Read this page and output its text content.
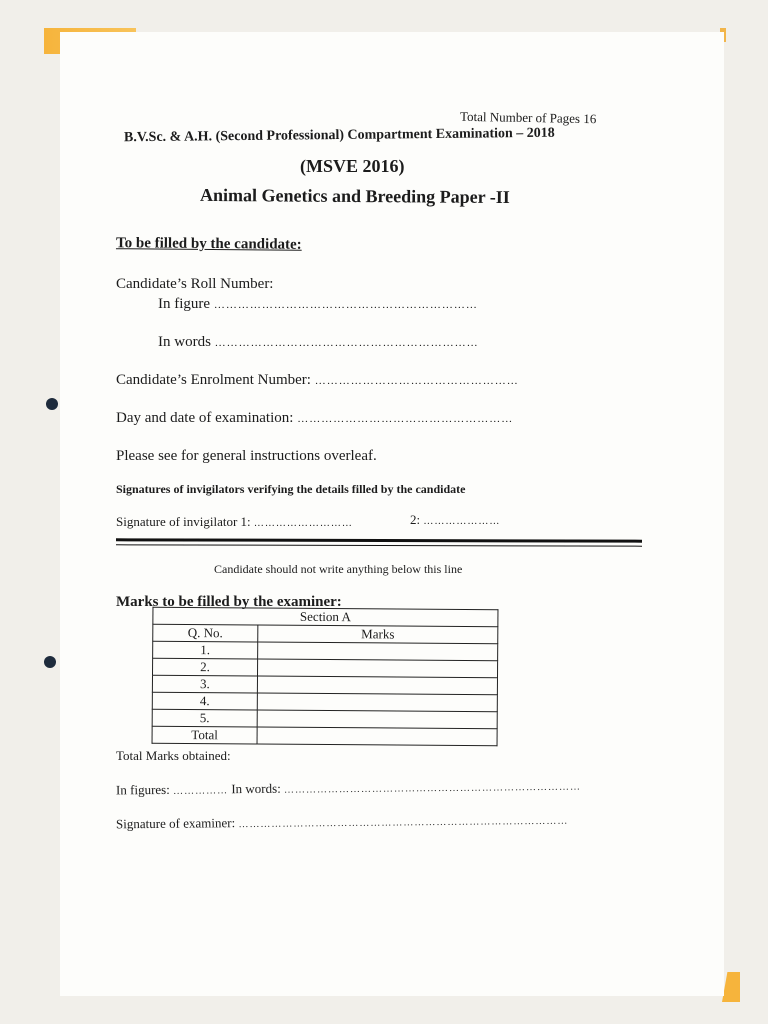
Total Number of Pages 16
B.V.Sc. & A.H. (Second Professional) Compartment Examination – 2018
(MSVE 2016)
Animal Genetics and Breeding Paper -II
To be filled by the candidate:
Candidate’s Roll Number:
In figure …………………………………………………………
In words …………………………………………………………
Candidate’s Enrolment Number: ……………………………………………
Day and date of examination: ………………………………………………
Please see for general instructions overleaf.
Signatures of invigilators verifying the details filled by the candidate
Signature of invigilator 1: ………………………	2: …………………
Candidate should not write anything below this line
Marks to be filled by the examiner:
Section A	
Q. No.	Marks
1.	
2.	
3.	
4.	
5.	
Total	
Total Marks obtained:
In figures: …………… In words: ………………………………………………………………………
Signature of examiner: ………………………………………………………………………………
